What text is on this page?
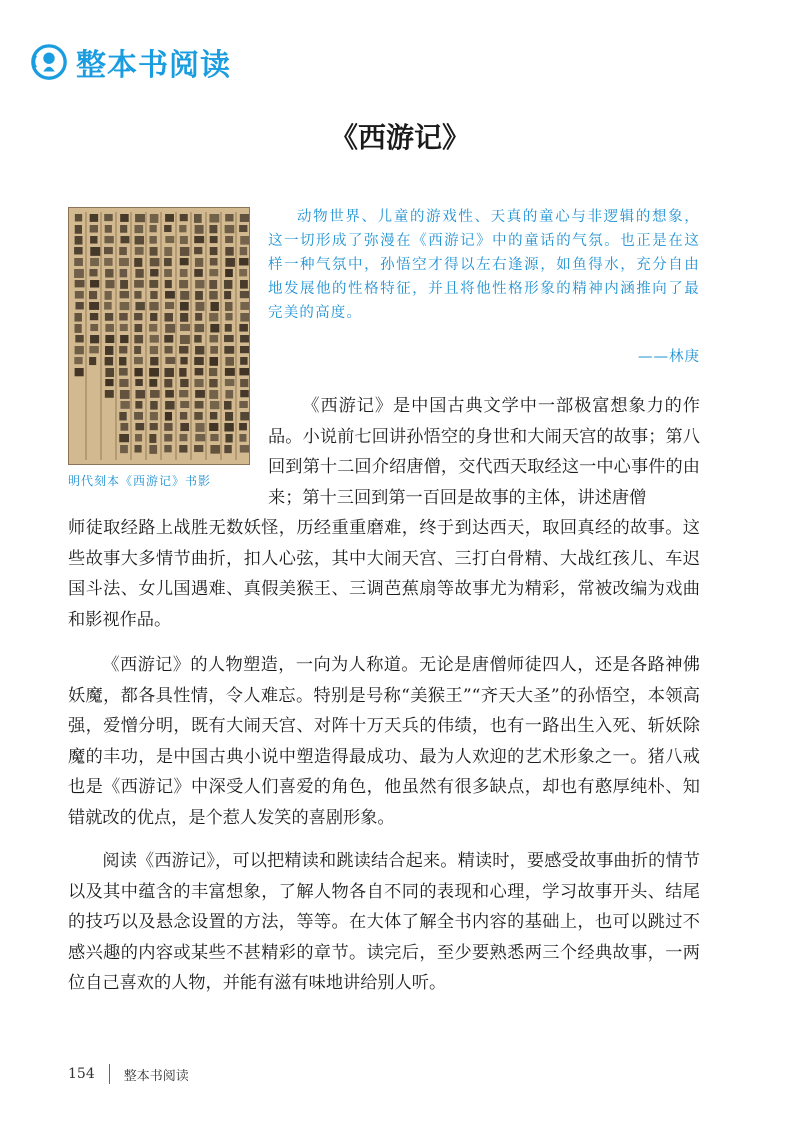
整本书阅读
《西游记》
明代刻本《西游记》书影
动物世界、儿童的游戏性、天真的童心与非逻辑的想象，这一切形成了弥漫在《西游记》中的童话的气氛。也正是在这样一种气氛中，孙悟空才得以左右逢源，如鱼得水，充分自由地发展他的性格特征，并且将他性格形象的精神内涵推向了最完美的高度。
——林庚
《西游记》是中国古典文学中一部极富想象力的作品。小说前七回讲孙悟空的身世和大闹天宫的故事；第八回到第十二回介绍唐僧，交代西天取经这一中心事件的由来；第十三回到第一百回是故事的主体，讲述唐僧
师徒取经路上战胜无数妖怪，历经重重磨难，终于到达西天，取回真经的故事。这些故事大多情节曲折，扣人心弦，其中大闹天宫、三打白骨精、大战红孩儿、车迟国斗法、女儿国遇难、真假美猴王、三调芭蕉扇等故事尤为精彩，常被改编为戏曲和影视作品。
《西游记》的人物塑造，一向为人称道。无论是唐僧师徒四人，还是各路神佛妖魔，都各具性情，令人难忘。特别是号称“美猴王”“齐天大圣”的孙悟空，本领高强，爱憎分明，既有大闹天宫、对阵十万天兵的伟绩，也有一路出生入死、斩妖除魔的丰功，是中国古典小说中塑造得最成功、最为人欢迎的艺术形象之一。猪八戒也是《西游记》中深受人们喜爱的角色，他虽然有很多缺点，却也有憨厚纯朴、知错就改的优点，是个惹人发笑的喜剧形象。
阅读《西游记》，可以把精读和跳读结合起来。精读时，要感受故事曲折的情节以及其中蕴含的丰富想象，了解人物各自不同的表现和心理，学习故事开头、结尾的技巧以及悬念设置的方法，等等。在大体了解全书内容的基础上，也可以跳过不感兴趣的内容或某些不甚精彩的章节。读完后，至少要熟悉两三个经典故事，一两位自己喜欢的人物，并能有滋有味地讲给别人听。
154 整本书阅读
